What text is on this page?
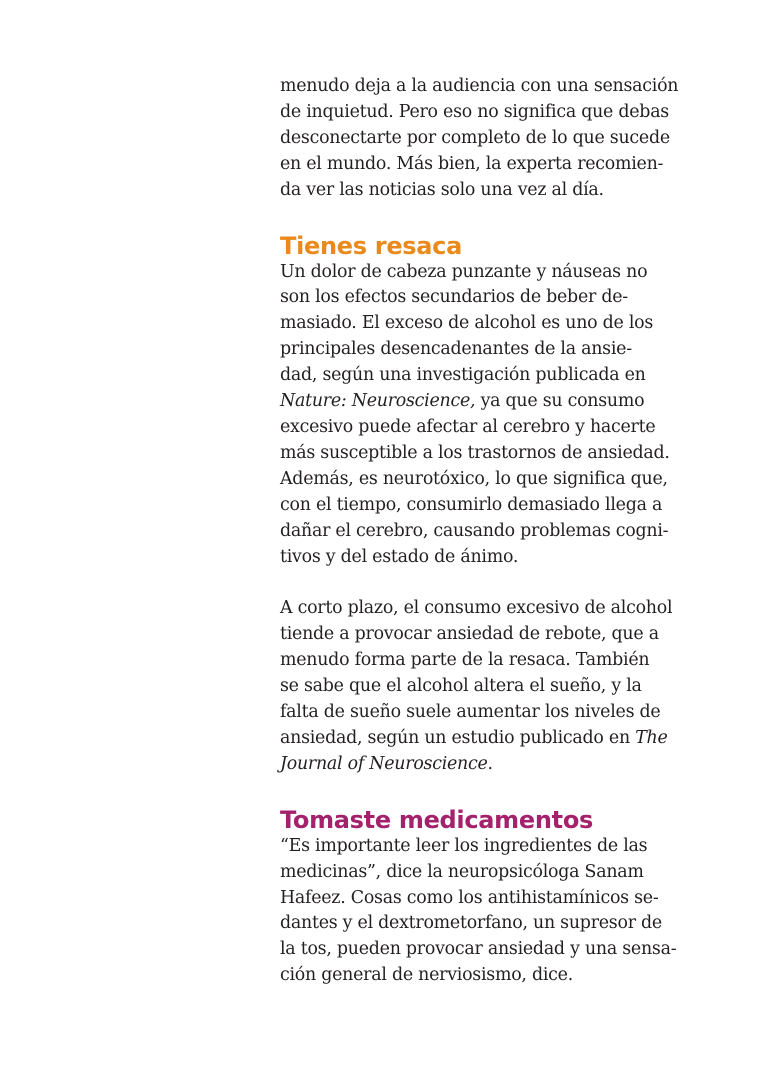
menudo deja a la audiencia con una sensación
de inquietud. Pero eso no significa que debas
desconectarte por completo de lo que sucede
en el mundo. Más bien, la experta recomien-
da ver las noticias solo una vez al día.

Tienes resaca

Un dolor de cabeza punzante y náuseas no
son los efectos secundarios de beber de-
masiado. El exceso de alcohol es uno de los
principales desencadenantes de la ansie-
dad, según una investigación publicada en
Nature: Neuroscience, ya que su consumo
excesivo puede afectar al cerebro y hacerte
más susceptible a los trastornos de ansiedad.
Además, es neurotóxico, lo que significa que,
con el tiempo, consumirlo demasiado llega a
dañar el cerebro, causando problemas cogni-
tivos y del estado de ánimo.

A corto plazo, el consumo excesivo de alcohol
tiende a provocar ansiedad de rebote, que a
menudo forma parte de la resaca. También
se sabe que el alcohol altera el sueño, y la
falta de sueño suele aumentar los niveles de
ansiedad, según un estudio publicado en The
Journal of Neuroscience.

Tomaste medicamentos

“Es importante leer los ingredientes de las
medicinas”, dice la neuropsicóloga Sanam
Hafeez. Cosas como los antihistamínicos se-
dantes y el dextrometorfano, un supresor de
la tos, pueden provocar ansiedad y una sensa-
ción general de nerviosismo, dice.
